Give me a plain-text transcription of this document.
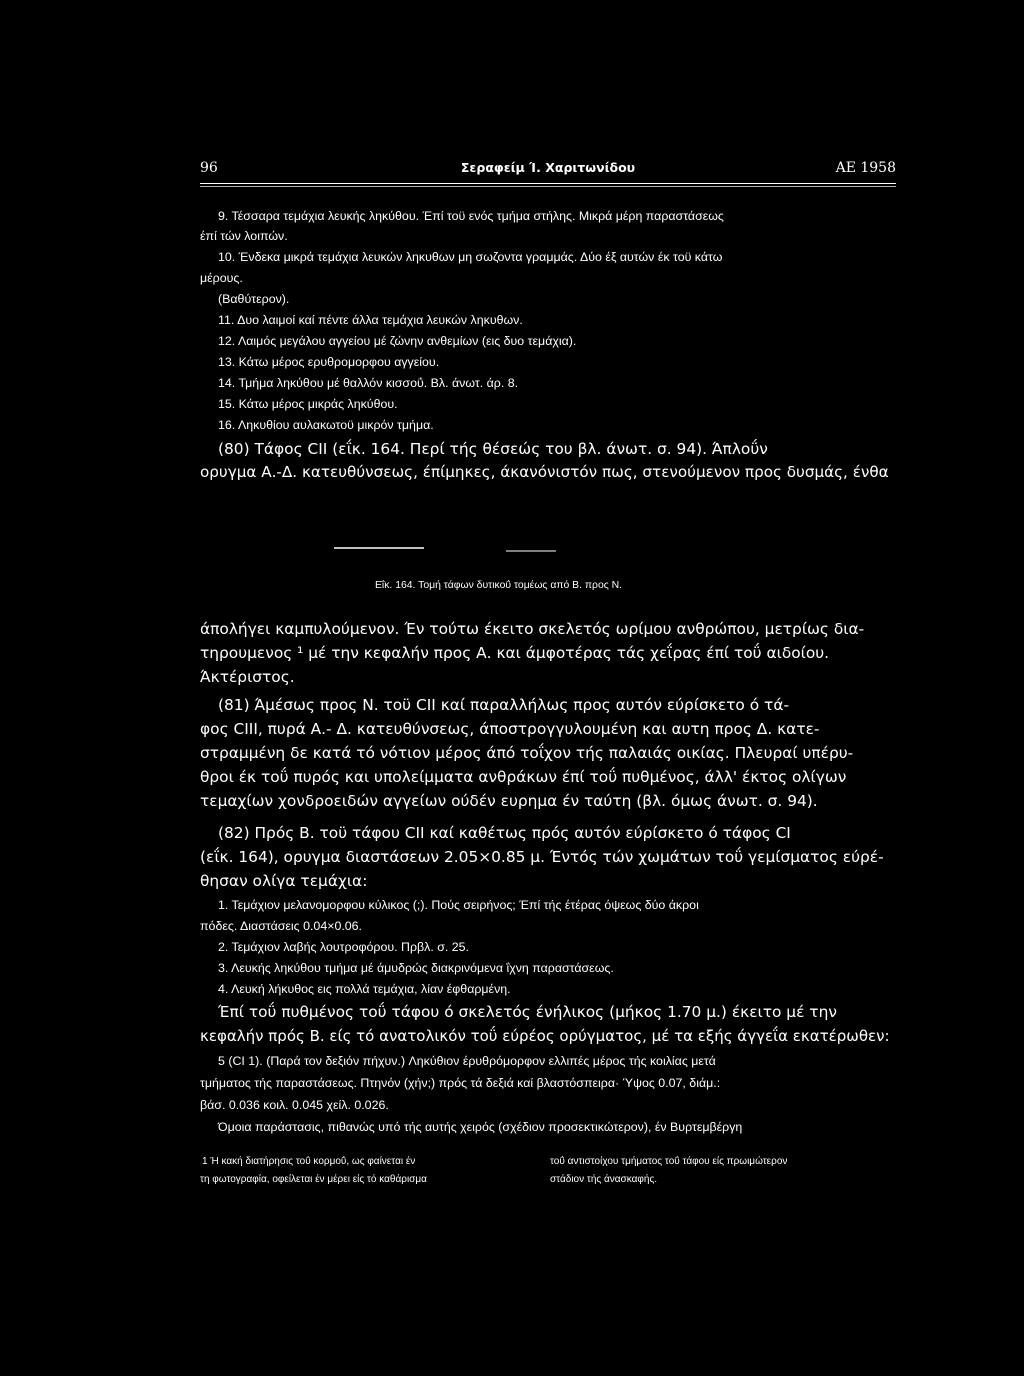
96	Σεραφείμ Ί. Χαριτωνίδου	ΑΕ 1958
9. Τέσσαρα τεμάχια λευκής ληκύθου. Έπί τοϋ ενός τμήμα στήλης. Μικρά μέρη παραστάσεως
έπί τών λοιπών.
10. Ένδεκα μικρά τεμάχια λευκών ληκυθων μη σωζοντα γραμμάς. Δύο έξ αυτών έκ τοϋ κάτω
μέρους.
(Βαθύτερον).
11. Δυο λαιμοί καί πέντε άλλα τεμάχια λευκών ληκυθων.
12. Λαιμός μεγάλου αγγείου μέ ζώνην ανθεμίων (εις δυο τεμάχια).
13. Κάτω μέρος ερυθρομορφου αγγείου.
14. Τμήμα ληκύθου μέ θαλλόν κισσοΰ. Βλ. άνωτ. άρ. 8.
15. Κάτω μέρος μικράς ληκύθου.
16. Ληκυθίου αυλακωτοϋ μικρόν τμήμα.
(80) Τάφος CII (εΐκ. 164. Περί τής θέσεώς του βλ. άνωτ. σ. 94). Άπλοΰν
ορυγμα Α.-Δ. κατευθύνσεως, έπίμηκες, άκανόνιστόν πως, στενούμενον προς δυσμάς, ένθα
Εΐκ. 164. Τομή τάφων δυτικοΰ τομέως από Β. προς Ν.
άπολήγει καμπυλούμενον. Έν τούτω έκειτο σκελετός ωρίμου ανθρώπου, μετρίως δια-
τηρουμενος ¹ μέ την κεφαλήν προς Α. και άμφοτέρας τάς χεΐρας έπί τοΰ αιδοίου.
Άκτέριστος.
(81) Άμέσως προς Ν. τοϋ CII καί παραλλήλως προς αυτόν εύρίσκετο ό τά-
φος CIII, πυρά Α.- Δ. κατευθύνσεως, άποστρογγυλουμένη και αυτη προς Δ. κατε-
στραμμένη δε κατά τό νότιον μέρος άπό τοΐχον τής παλαιάς οικίας. Πλευραί υπέρυ-
θροι έκ τοΰ πυρός και υπολείμματα ανθράκων έπί τοΰ πυθμένος, άλλ' έκτος ολίγων
τεμαχίων χονδροειδών αγγείων ούδέν ευρημα έν ταύτη (βλ. όμως άνωτ. σ. 94).
(82) Πρός Β. τοϋ τάφου CII καί καθέτως πρός αυτόν εύρίσκετο ό τάφος CI
(εΐκ. 164), ορυγμα διαστάσεων 2.05×0.85 μ. Έντός τών χωμάτων τοΰ γεμίσματος εύρέ-
θησαν ολίγα τεμάχια:
1. Τεμάχιον μελανομορφου κύλικος (;). Πούς σειρήνος; Έπί τής έτέρας όψεως δύο άκροι
πόδες. Διαστάσεις 0.04×0.06.
2. Τεμάχιον λαβής λουτροφόρου. Πρβλ. σ. 25.
3. Λευκής ληκύθου τμήμα μέ άμυδρώς διακρινόμενα ΐχνη παραστάσεως.
4. Λευκή λήκυθος εις πολλά τεμάχια, λίαν έφθαρμένη.
Έπί τοΰ πυθμένος τοΰ τάφου ό σκελετός ένήλικος (μήκος 1.70 μ.) έκειτο μέ την
κεφαλήν πρός Β. είς τό ανατολικόν τοΰ εύρέος ορύγματος, μέ τα εξής άγγεΐα εκατέρωθεν:
5 (CI 1). (Παρά τον δεξιόν πήχυν.) Ληκύθιον έρυθρόμορφον ελλιπές μέρος τής κοιλίας μετά
τμήματος τής παραστάσεως. Πτηνόν (χήν;) πρός τά δεξιά καί βλαστόσπειρα· Ύψος 0.07, διάμ.:
βάσ. 0.036 κοιλ. 0.045 χείλ. 0.026.
Όμοια παράστασις, πιθανώς υπό τής αυτής χειρός (σχέδιον προσεκτικώτερον), έν Βυρτεμβέργη
1 Ή κακή διατήρησις τοΰ κορμοΰ, ως φαίνεται έν
τη φωτογραφία, οφείλεται έν μέρει είς τό καθάρισμα
τοΰ αντιστοίχου τμήματος τοΰ τάφου είς πρωιμώτερον
στάδιον τής άνασκαφής.
